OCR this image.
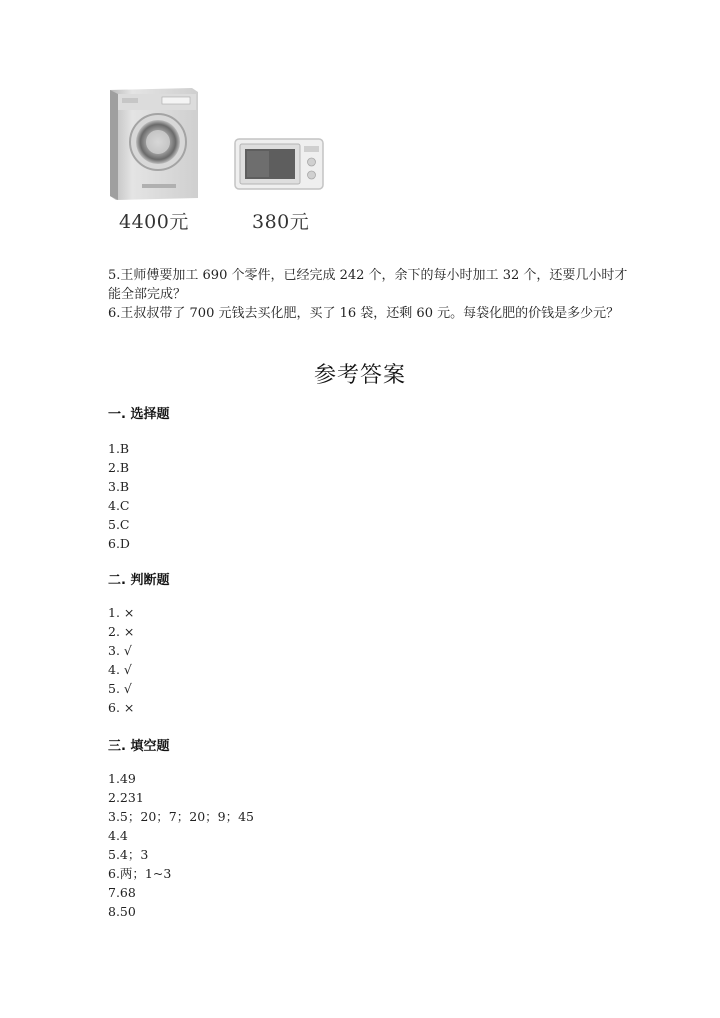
4400元	380元

5.王师傅要加工 690 个零件，已经完成 242 个，余下的每小时加工 32 个，还要几小时才能全部完成？

6.王叔叔带了 700 元钱去买化肥，买了 16 袋，还剩 60 元。每袋化肥的价钱是多少元？

参考答案
一. 选择题
1.B
2.B
3.B
4.C
5.C
6.D
二. 判断题
1. ×
2. ×
3. √
4. √
5. √
6. ×
三. 填空题
1.49
2.231
3.5；20；7；20；9；45
4.4
5.4；3
6.两；1~3
7.68
8.50
